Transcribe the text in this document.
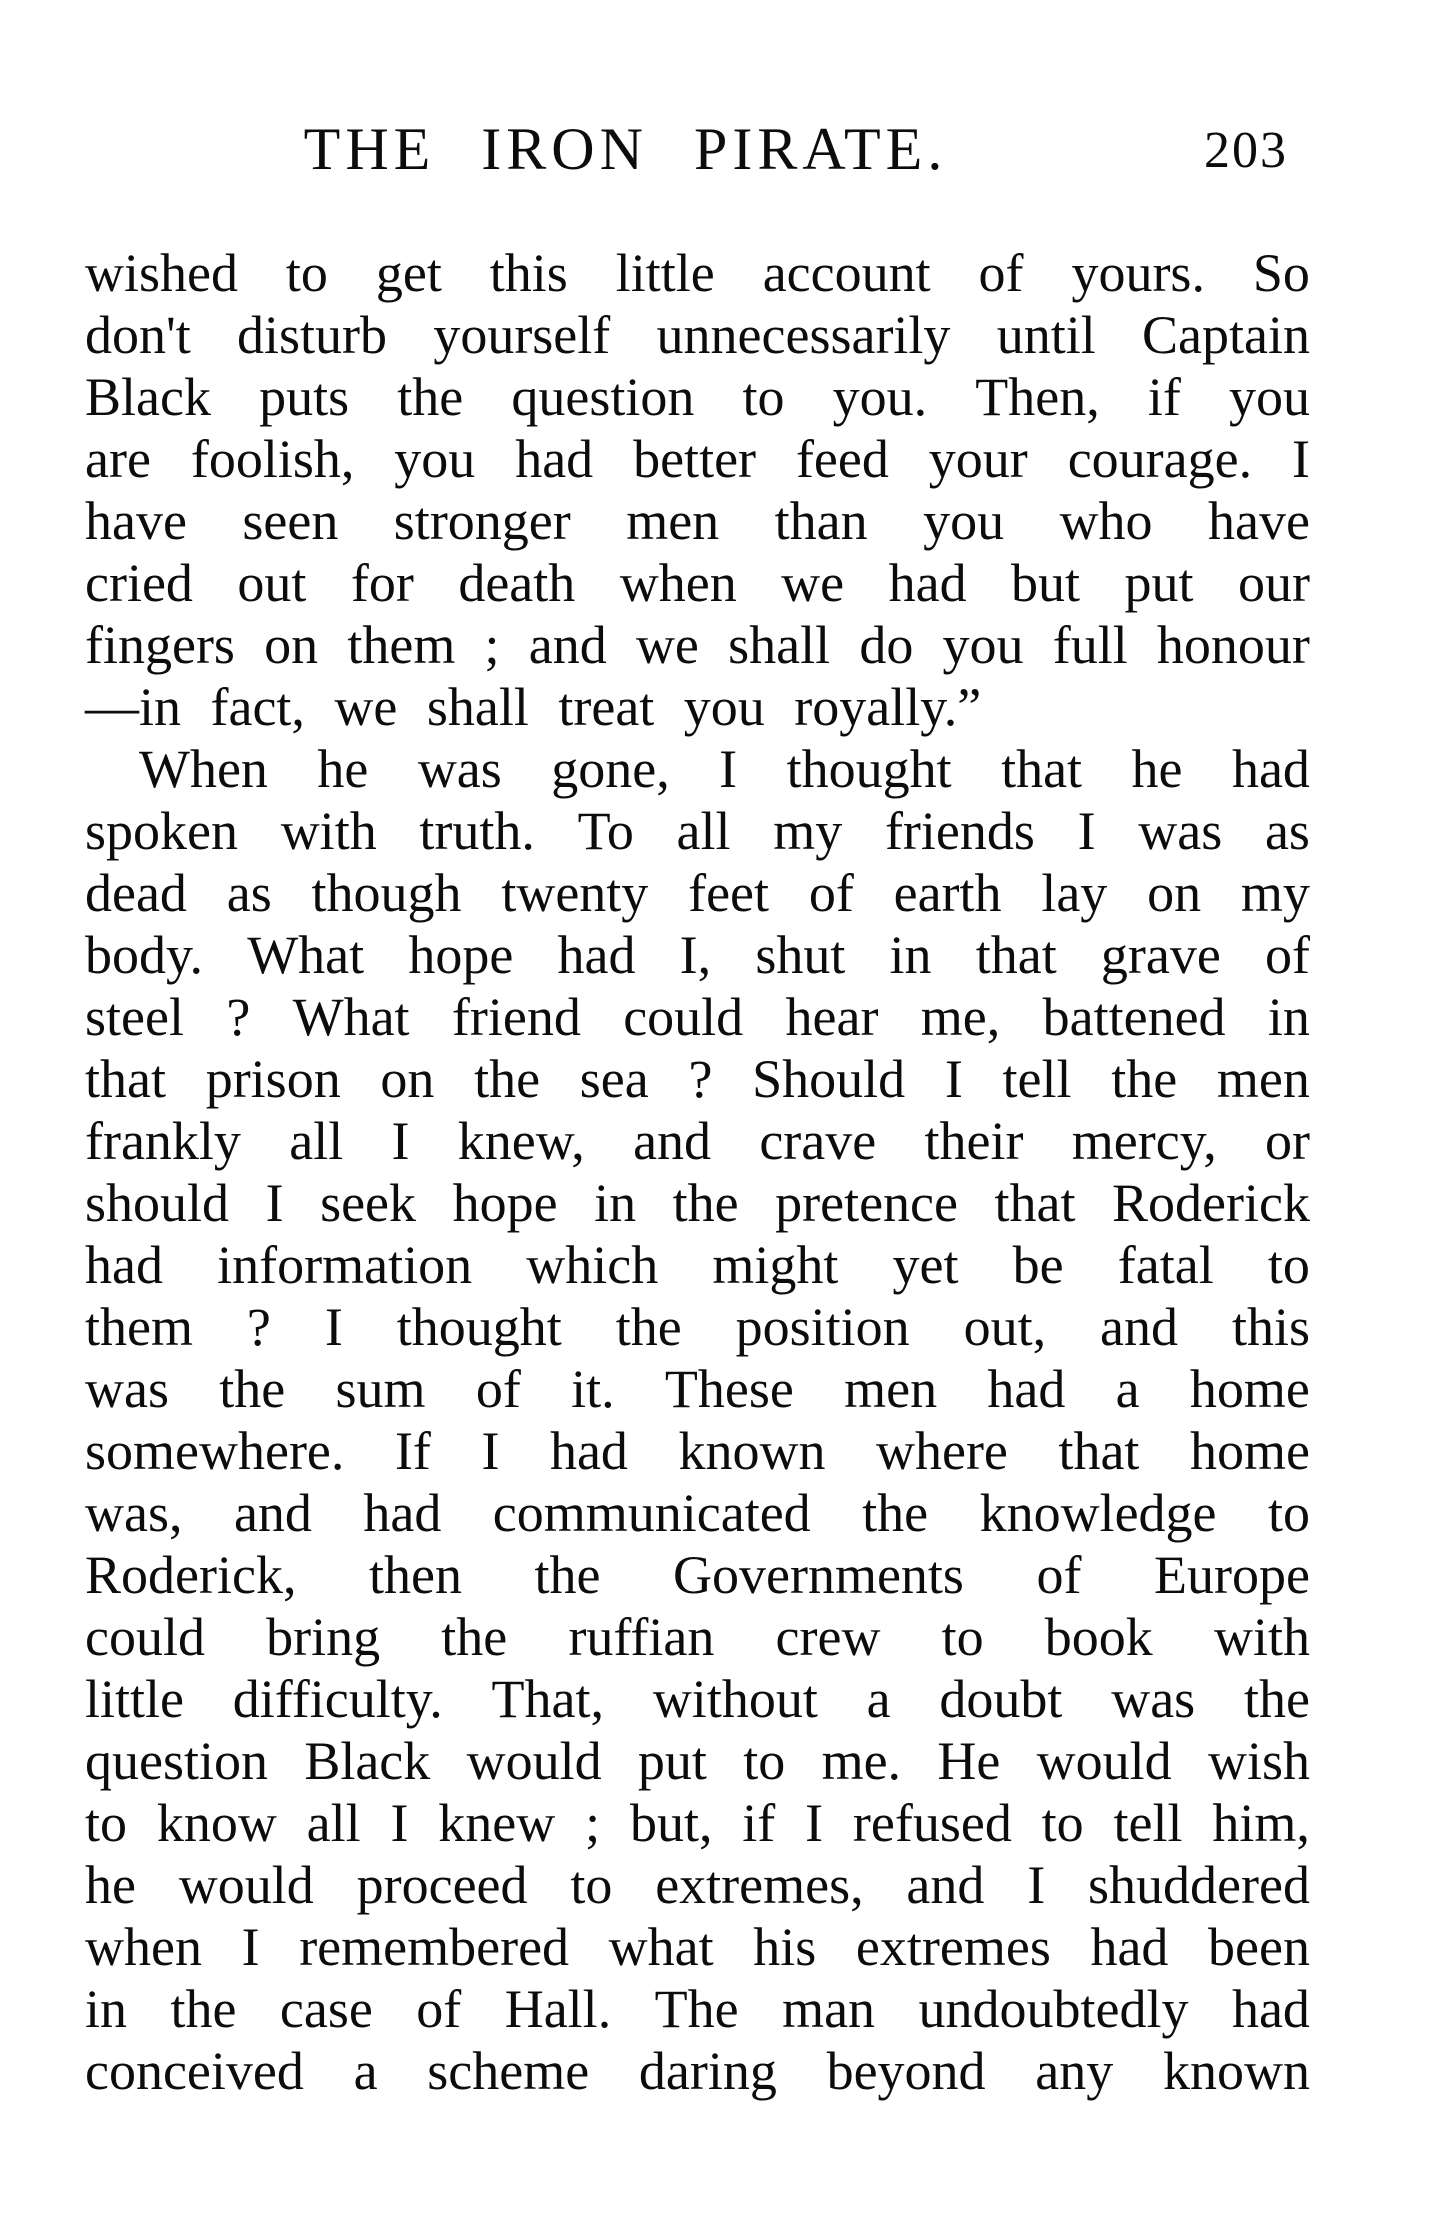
THE IRON PIRATE.	203
wished to get this little account of yours. So
don't disturb yourself unnecessarily until Captain
Black puts the question to you. Then, if you
are foolish, you had better feed your courage. I
have seen stronger men than you who have
cried out for death when we had but put our
fingers on them ; and we shall do you full honour
—in fact, we shall treat you royally.”
When he was gone, I thought that he had
spoken with truth. To all my friends I was as
dead as though twenty feet of earth lay on my
body. What hope had I, shut in that grave of
steel ? What friend could hear me, battened in
that prison on the sea ? Should I tell the men
frankly all I knew, and crave their mercy, or
should I seek hope in the pretence that Roderick
had information which might yet be fatal to
them ? I thought the position out, and this
was the sum of it. These men had a home
somewhere. If I had known where that home
was, and had communicated the knowledge to
Roderick, then the Governments of Europe
could bring the ruffian crew to book with
little difficulty. That, without a doubt was the
question Black would put to me. He would wish
to know all I knew ; but, if I refused to tell him,
he would proceed to extremes, and I shuddered
when I remembered what his extremes had been
in the case of Hall. The man undoubtedly had
conceived a scheme daring beyond any known
